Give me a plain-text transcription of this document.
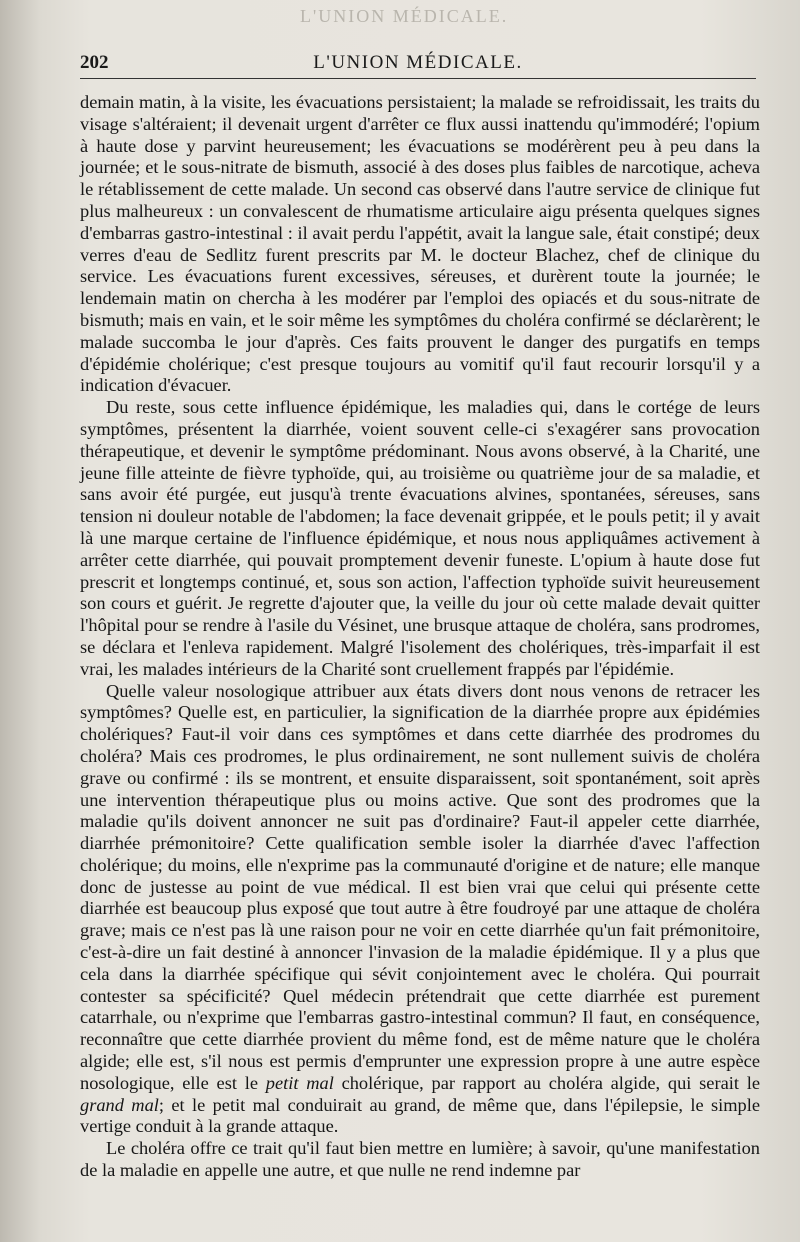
L'UNION MÉDICALE.
202	L'UNION MÉDICALE.

demain matin, à la visite, les évacuations persistaient; la malade se refroidissait, les traits du visage s'altéraient; il devenait urgent d'arrêter ce flux aussi inattendu qu'immodéré; l'opium à haute dose y parvint heureusement; les évacuations se modérèrent peu à peu dans la journée; et le sous-nitrate de bismuth, associé à des doses plus faibles de narcotique, acheva le rétablissement de cette malade. Un second cas observé dans l'autre service de clinique fut plus malheureux : un convalescent de rhumatisme articulaire aigu présenta quelques signes d'embarras gastro-intestinal : il avait perdu l'appétit, avait la langue sale, était constipé; deux verres d'eau de Sedlitz furent prescrits par M. le docteur Blachez, chef de clinique du service. Les évacuations furent excessives, séreuses, et durèrent toute la journée; le lendemain matin on chercha à les modérer par l'emploi des opiacés et du sous-nitrate de bismuth; mais en vain, et le soir même les symptômes du choléra confirmé se déclarèrent; le malade succomba le jour d'après. Ces faits prouvent le danger des purgatifs en temps d'épidémie cholérique; c'est presque toujours au vomitif qu'il faut recourir lorsqu'il y a indication d'évacuer.

Du reste, sous cette influence épidémique, les maladies qui, dans le cortége de leurs symptômes, présentent la diarrhée, voient souvent celle-ci s'exagérer sans provocation thérapeutique, et devenir le symptôme prédominant. Nous avons observé, à la Charité, une jeune fille atteinte de fièvre typhoïde, qui, au troisième ou quatrième jour de sa maladie, et sans avoir été purgée, eut jusqu'à trente évacuations alvines, spontanées, séreuses, sans tension ni douleur notable de l'abdomen; la face devenait grippée, et le pouls petit; il y avait là une marque certaine de l'influence épidémique, et nous nous appliquâmes activement à arrêter cette diarrhée, qui pouvait promptement devenir funeste. L'opium à haute dose fut prescrit et longtemps continué, et, sous son action, l'affection typhoïde suivit heureusement son cours et guérit. Je regrette d'ajouter que, la veille du jour où cette malade devait quitter l'hôpital pour se rendre à l'asile du Vésinet, une brusque attaque de choléra, sans prodromes, se déclara et l'enleva rapidement. Malgré l'isolement des cholériques, très-imparfait il est vrai, les malades intérieurs de la Charité sont cruellement frappés par l'épidémie.

Quelle valeur nosologique attribuer aux états divers dont nous venons de retracer les symptômes? Quelle est, en particulier, la signification de la diarrhée propre aux épidémies cholériques? Faut-il voir dans ces symptômes et dans cette diarrhée des prodromes du choléra? Mais ces prodromes, le plus ordinairement, ne sont nullement suivis de choléra grave ou confirmé : ils se montrent, et ensuite disparaissent, soit spontanément, soit après une intervention thérapeutique plus ou moins active. Que sont des prodromes que la maladie qu'ils doivent annoncer ne suit pas d'ordinaire? Faut-il appeler cette diarrhée, diarrhée prémonitoire? Cette qualification semble isoler la diarrhée d'avec l'affection cholérique; du moins, elle n'exprime pas la communauté d'origine et de nature; elle manque donc de justesse au point de vue médical. Il est bien vrai que celui qui présente cette diarrhée est beaucoup plus exposé que tout autre à être foudroyé par une attaque de choléra grave; mais ce n'est pas là une raison pour ne voir en cette diarrhée qu'un fait prémonitoire, c'est-à-dire un fait destiné à annoncer l'invasion de la maladie épidémique. Il y a plus que cela dans la diarrhée spécifique qui sévit conjointement avec le choléra. Qui pourrait contester sa spécificité? Quel médecin prétendrait que cette diarrhée est purement catarrhale, ou n'exprime que l'embarras gastro-intestinal commun? Il faut, en conséquence, reconnaître que cette diarrhée provient du même fond, est de même nature que le choléra algide; elle est, s'il nous est permis d'emprunter une expression propre à une autre espèce nosologique, elle est le petit mal cholérique, par rapport au choléra algide, qui serait le grand mal; et le petit mal conduirait au grand, de même que, dans l'épilepsie, le simple vertige conduit à la grande attaque.

Le choléra offre ce trait qu'il faut bien mettre en lumière; à savoir, qu'une manifestation de la maladie en appelle une autre, et que nulle ne rend indemne par
